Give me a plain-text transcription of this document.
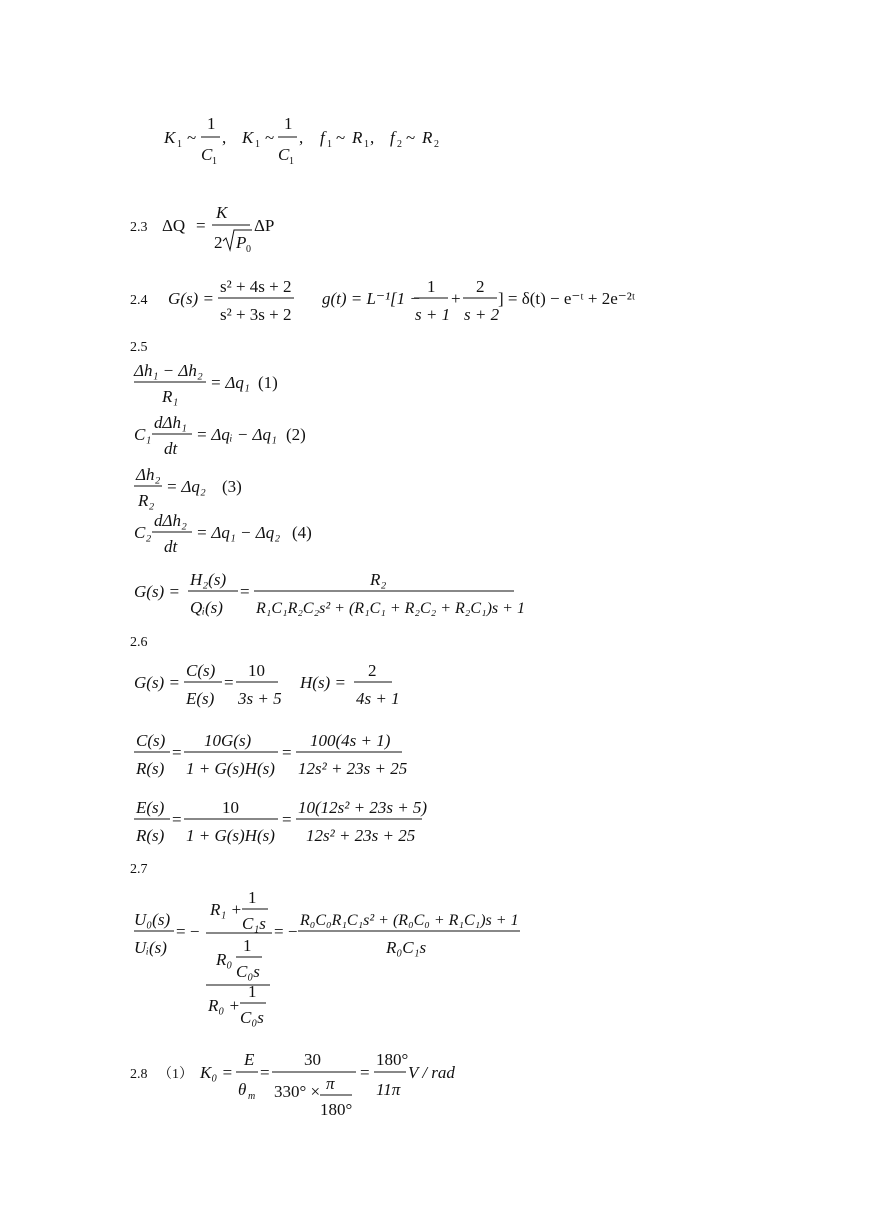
K 1 ~
1
C 1
, K 1 ~
1
C 1
, f 1 ~ R 1 , f 2 ~ R 2
2.3 ΔQ =
K
2 P 0
ΔP
2.4 G(s) =
s² + 4s + 2
s² + 3s + 2
g(t) = L⁻¹[1 −
1
s + 1
+
2
s + 2
] = δ(t) − e⁻ᵗ + 2e⁻²ᵗ
2.5
Δh₁ − Δh₂
R₁
= Δq₁ (1)
C₁
dΔh₁
dt
= Δqᵢ − Δq₁ (2)
Δh₂
R₂
= Δq₂ (3)
C₂
dΔh₂
dt
= Δq₁ − Δq₂ (4)
G(s) =
H₂(s)
Qᵢ(s)
=
R₂
R₁C₁R₂C₂s² + (R₁C₁ + R₂C₂ + R₂C₁)s + 1
2.6
G(s) =
C(s)
E(s)
=
10
3s + 5
H(s) =
2
4s + 1
C(s)
R(s)
=
10G(s)
1 + G(s)H(s)
=
100(4s + 1)
12s² + 23s + 25
E(s)
R(s)
=
10
1 + G(s)H(s)
=
10(12s² + 23s + 5)
12s² + 23s + 25
2.7
U₀(s)
Uᵢ(s)
= −
R₁ +
1
C₁s
R₀
1
C₀s
R₀ +
1
C₀s
= −
R₀C₀R₁C₁s² + (R₀C₀ + R₁C₁)s + 1
R₀C₁s
2.8 （1） K₀ =
E
θ m
=
30
330° × π
180°
=
180°
11π
V / rad
